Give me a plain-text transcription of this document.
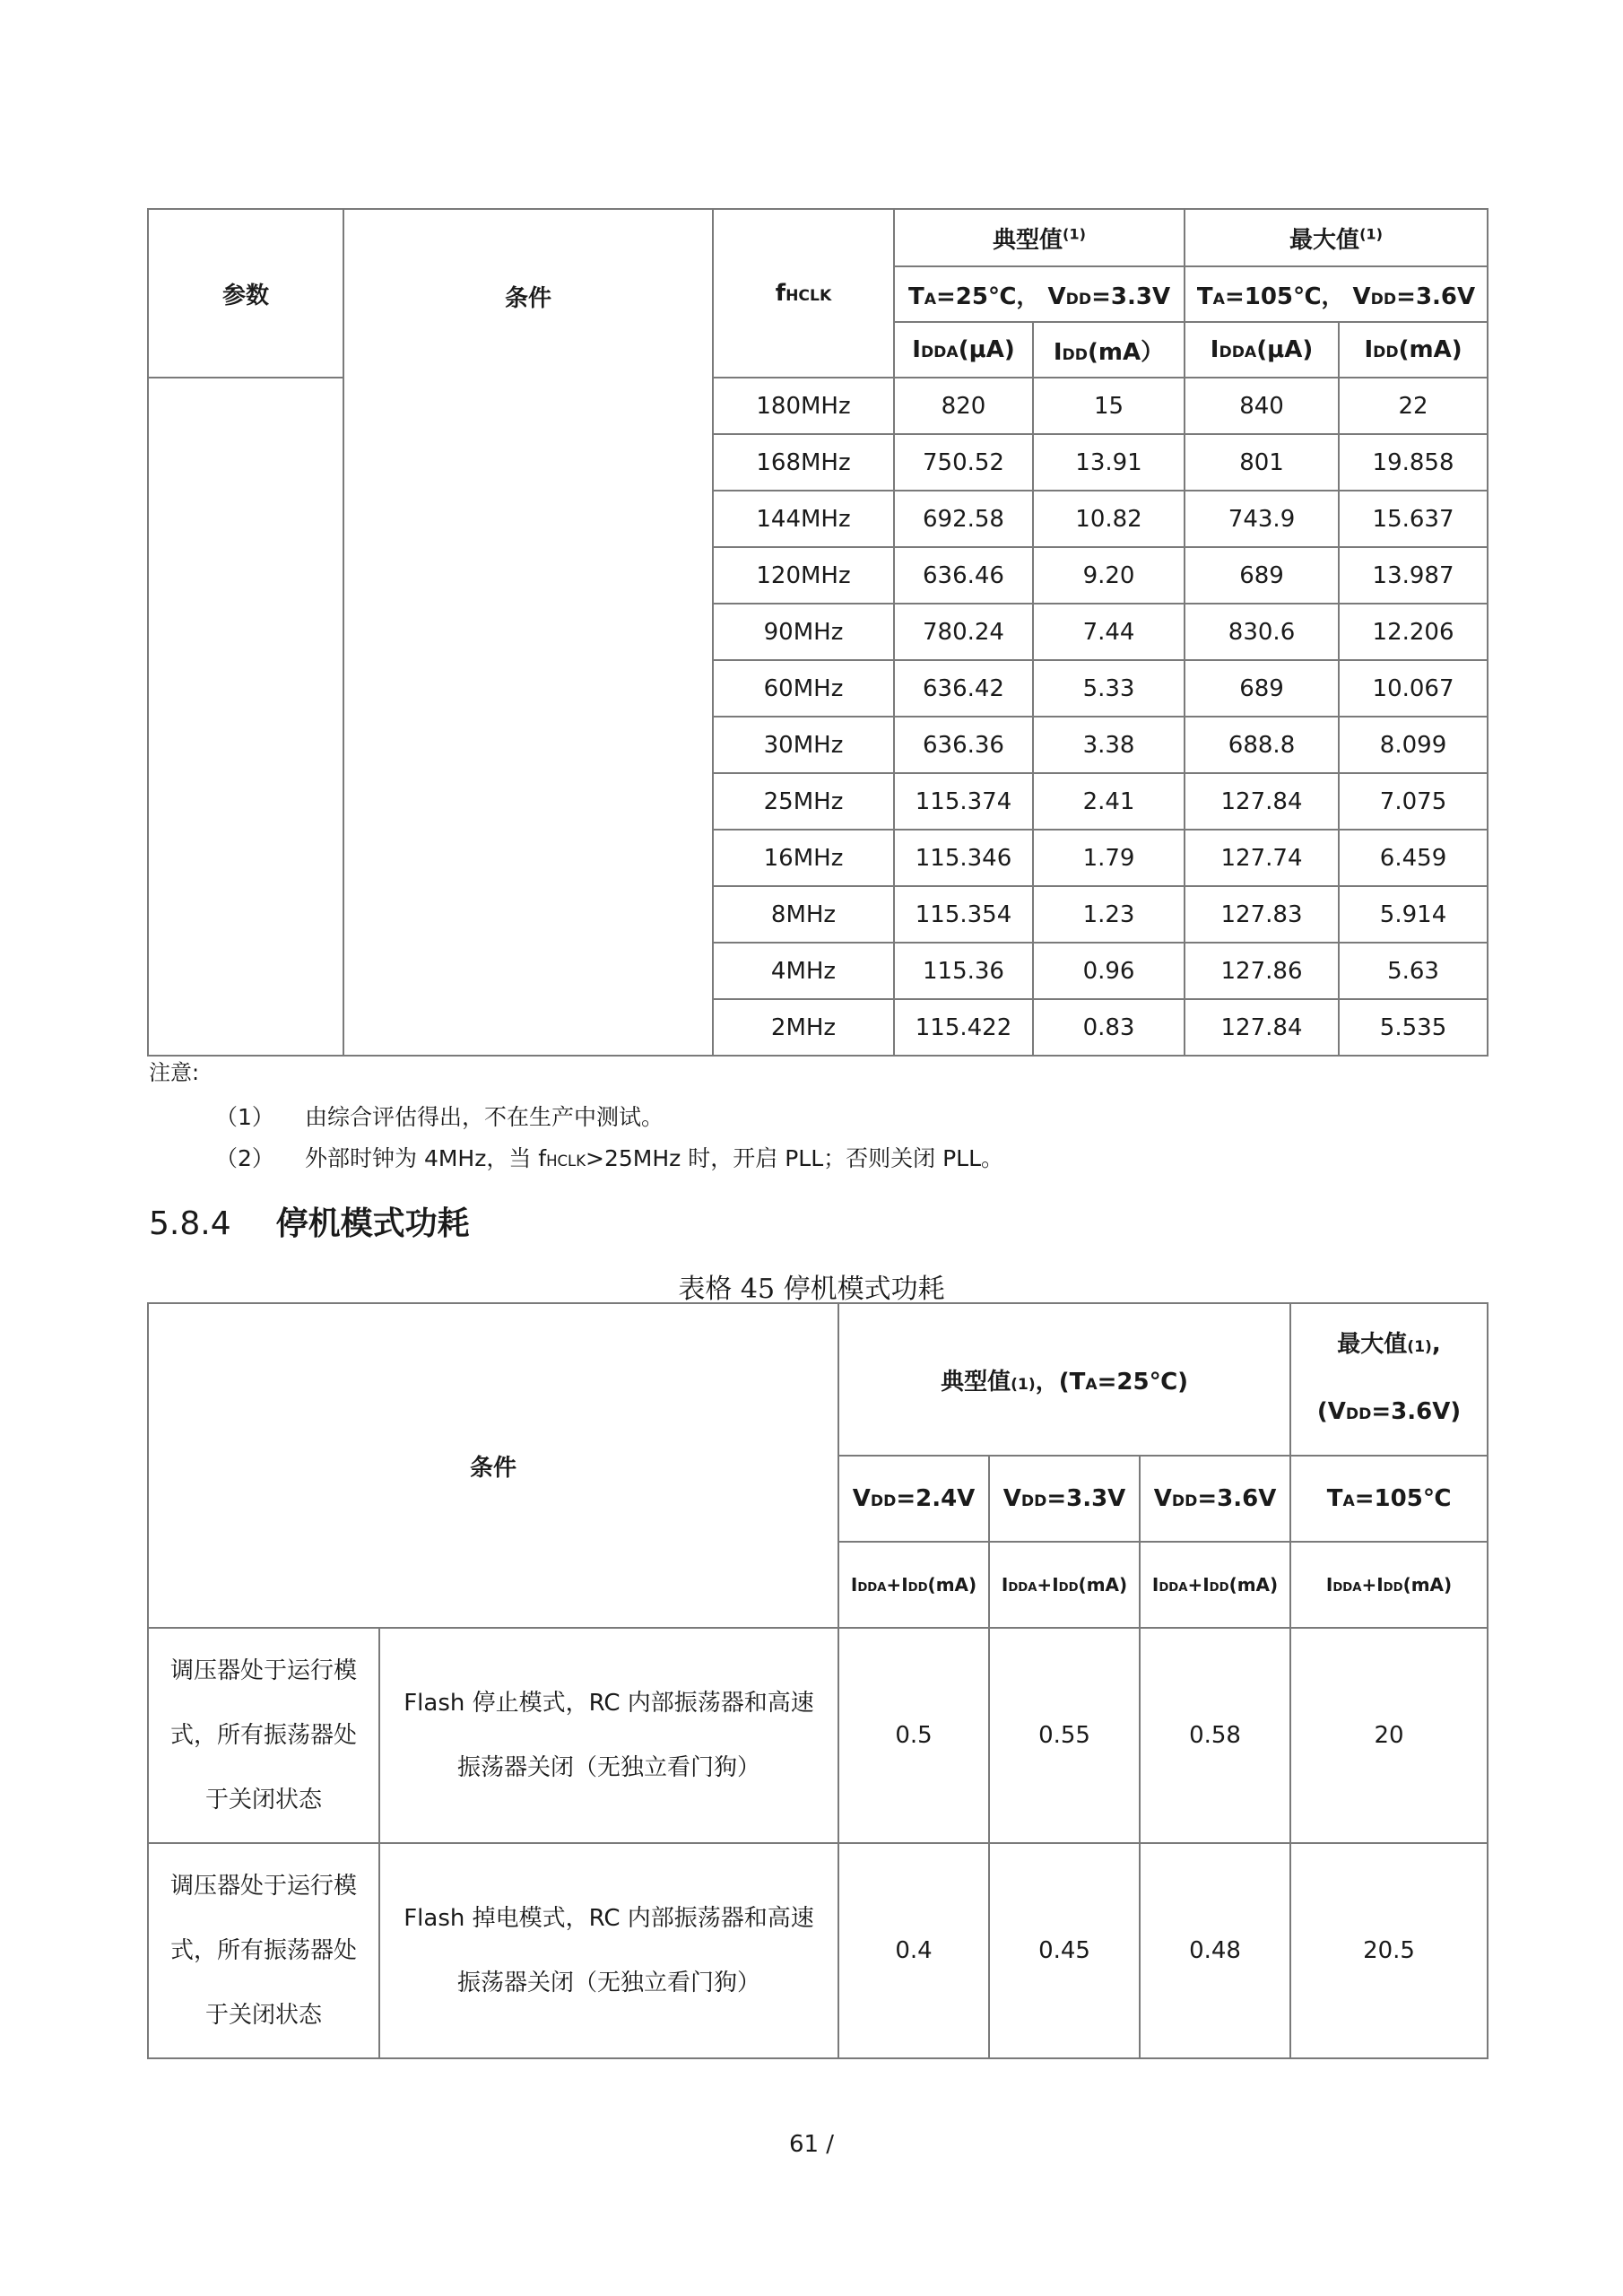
参数	条件	fHCLK	典型值$^{(1)}$		最大值$^{(1)}$
			TA=25℃， VDD=3.3V		TA=105℃， VDD=3.6V	
			IDDA(μA)	IDD(mA）	IDDA(μA)	IDD(mA)
		180MHz	820	15	840	22
		168MHz	750.52	13.91	801	19.858
		144MHz	692.58	10.82	743.9	15.637
		120MHz	636.46	9.20	689	13.987
		90MHz	780.24	7.44	830.6	12.206
		60MHz	636.42	5.33	689	10.067
		30MHz	636.36	3.38	688.8	8.099
		25MHz	115.374	2.41	127.84	7.075
		16MHz	115.346	1.79	127.74	6.459
		8MHz	115.354	1.23	127.83	5.914
		4MHz	115.36	0.96	127.86	5.63
		2MHz	115.422	0.83	127.84	5.535
注意:
（1） 由综合评估得出，不在生产中测试。
（2） 外部时钟为 4MHz，当 fHCLK>25MHz 时，开启 PLL；否则关闭 PLL。
5.8.4 停机模式功耗
表格 45 停机模式功耗
条件		典型值(1)，(TA=25℃)			最大值(1),
(VDD=3.6V)
		VDD=2.4V	VDD=3.3V	VDD=3.6V	TA=105℃
		IDDA+IDD(mA)	IDDA+IDD(mA)	IDDA+IDD(mA)	IDDA+IDD(mA)
调压器处于运行模式，所有振荡器处于关闭状态	Flash 停止模式，RC 内部振荡器和高速振荡器关闭（无独立看门狗）	0.5	0.55	0.58	20
调压器处于运行模式，所有振荡器处于关闭状态	Flash 掉电模式，RC 内部振荡器和高速振荡器关闭（无独立看门狗）	0.4	0.45	0.48	20.5
61 /
